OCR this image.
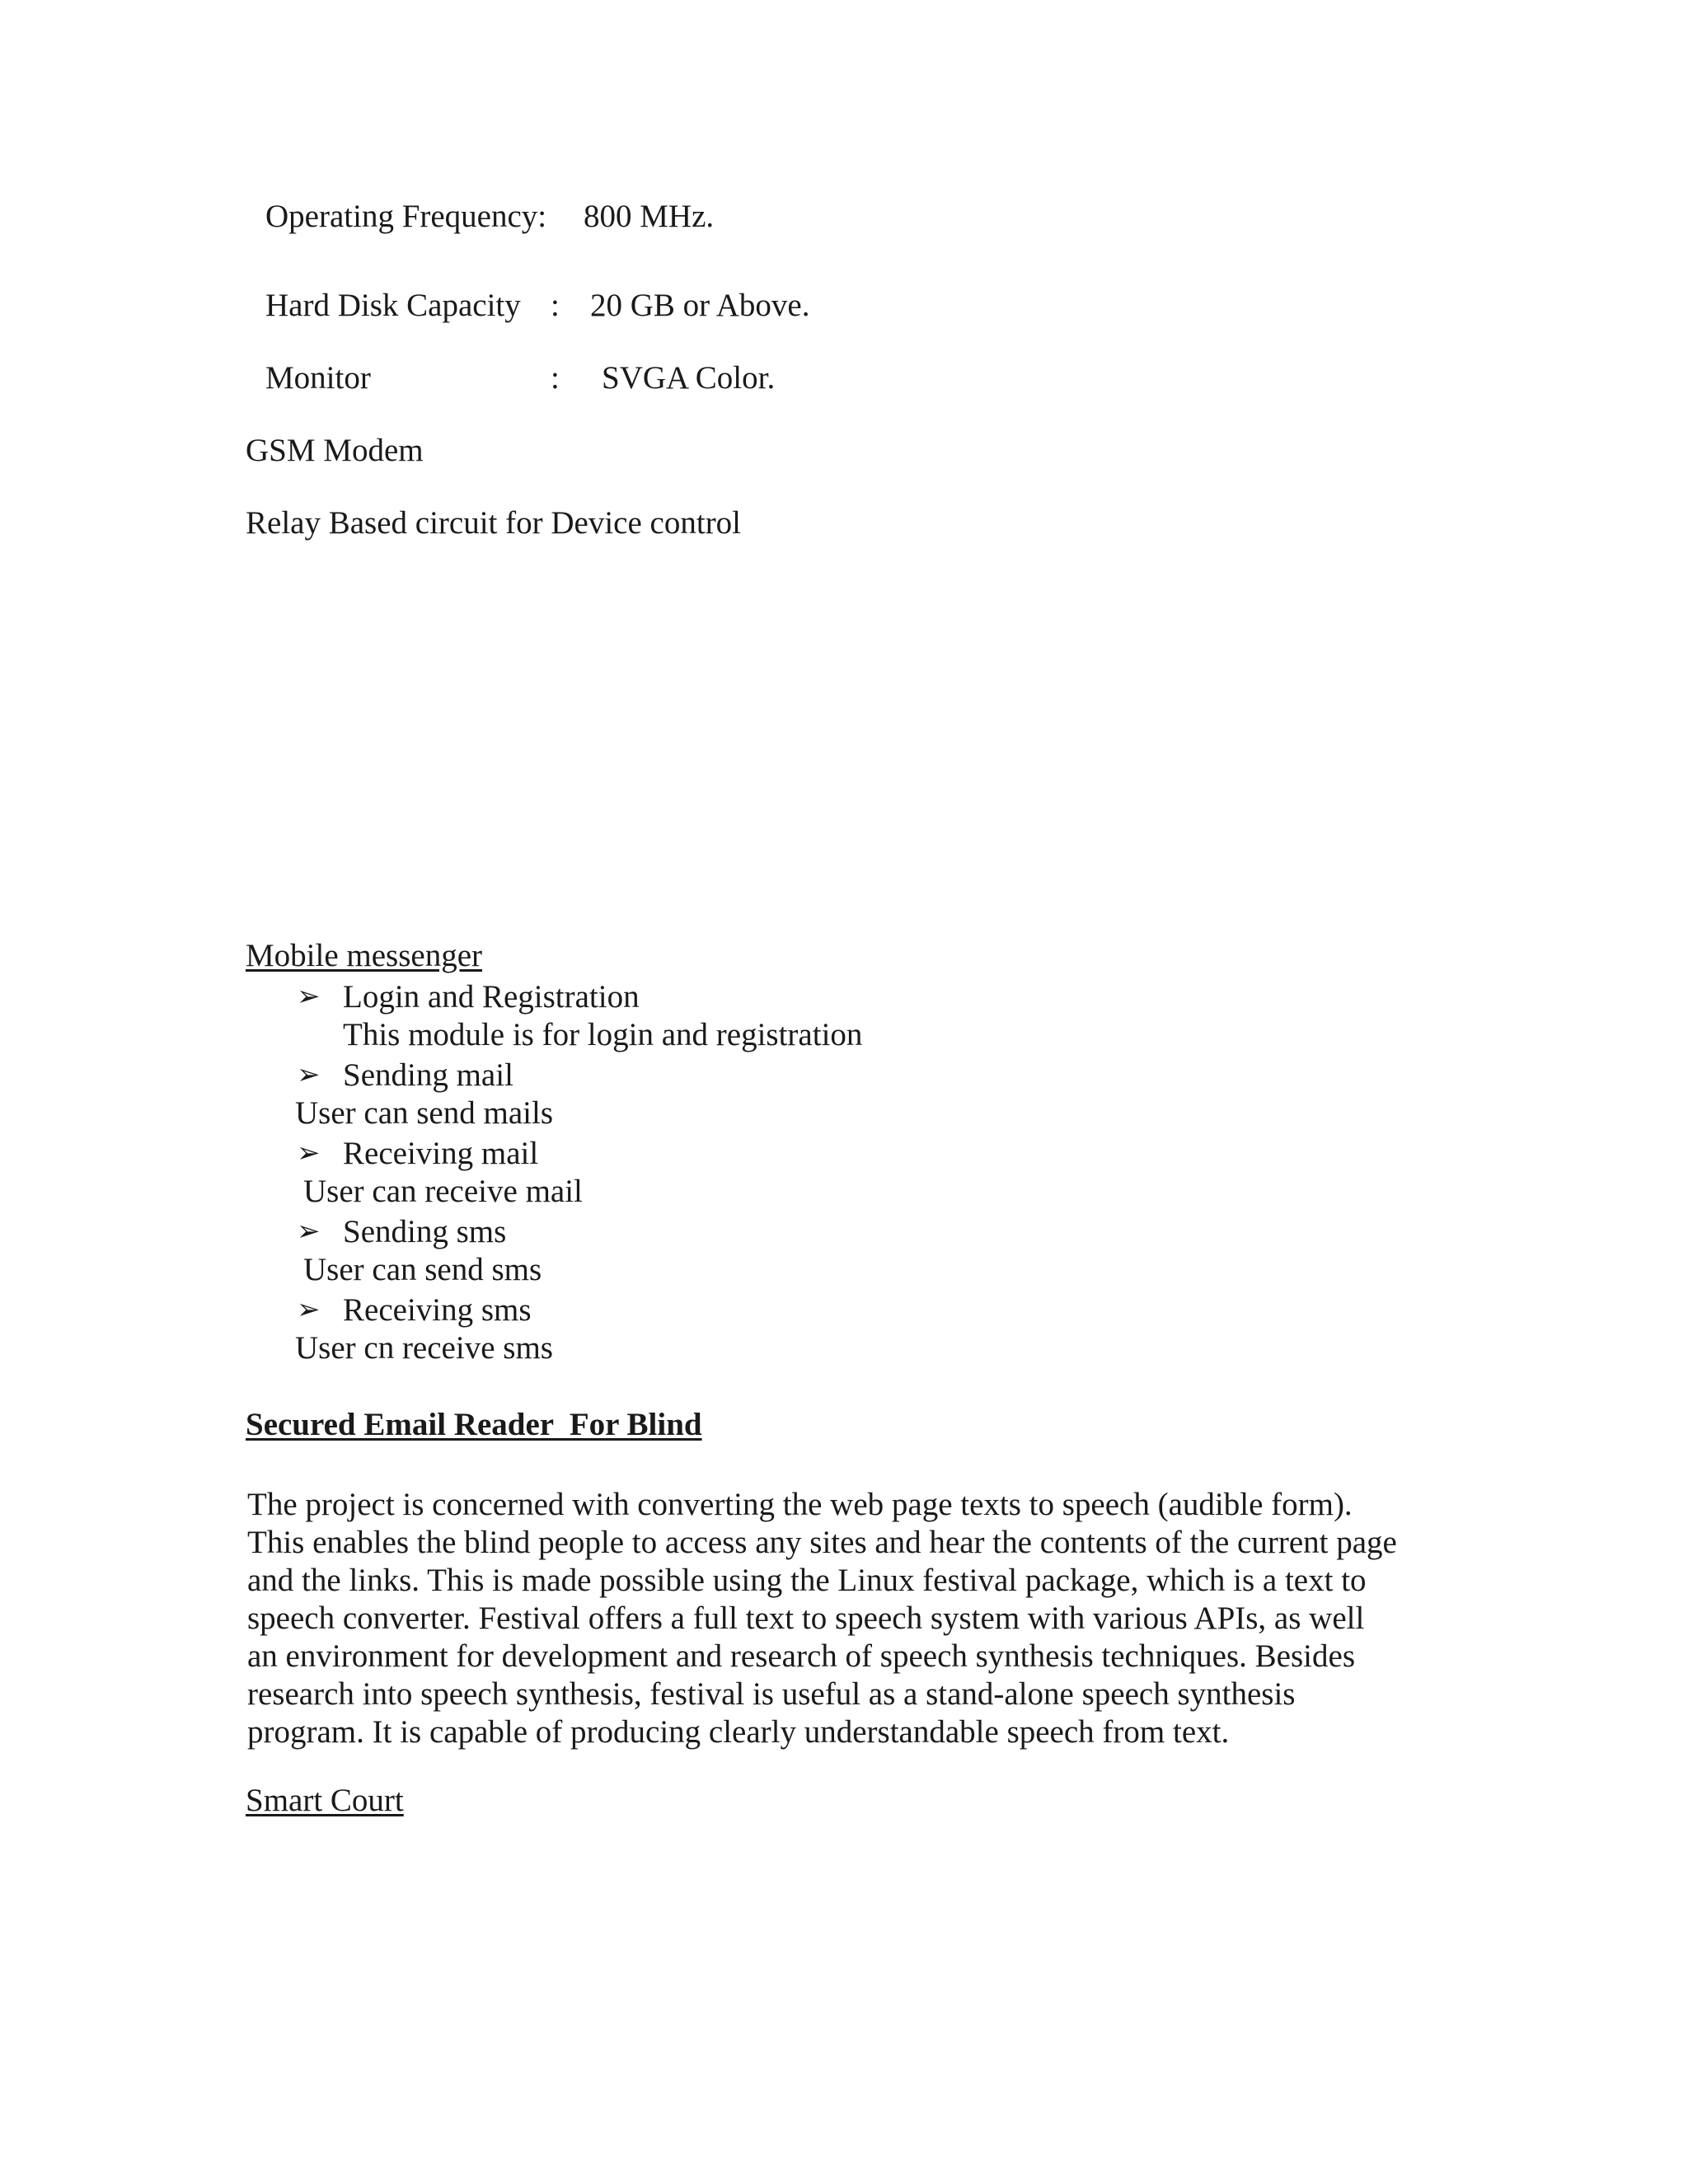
Operating Frequency: 800 MHz.
Hard Disk Capacity : 20 GB or Above.
Monitor	: SVGA Color.
GSM Modem
Relay Based circuit for Device control
Mobile messenger
➢ Login and Registration
This module is for login and registration
➢ Sending mail
User can send mails
➢ Receiving mail
User can receive mail
➢ Sending sms
User can send sms
➢ Receiving sms
User cn receive sms
Secured Email Reader  For Blind
The project is concerned with converting the web page texts to speech (audible form).
This enables the blind people to access any sites and hear the contents of the current page
and the links. This is made possible using the Linux festival package, which is a text to
speech converter. Festival offers a full text to speech system with various APIs, as well
an environment for development and research of speech synthesis techniques. Besides
research into speech synthesis, festival is useful as a stand-alone speech synthesis
program. It is capable of producing clearly understandable speech from text.
Smart Court
